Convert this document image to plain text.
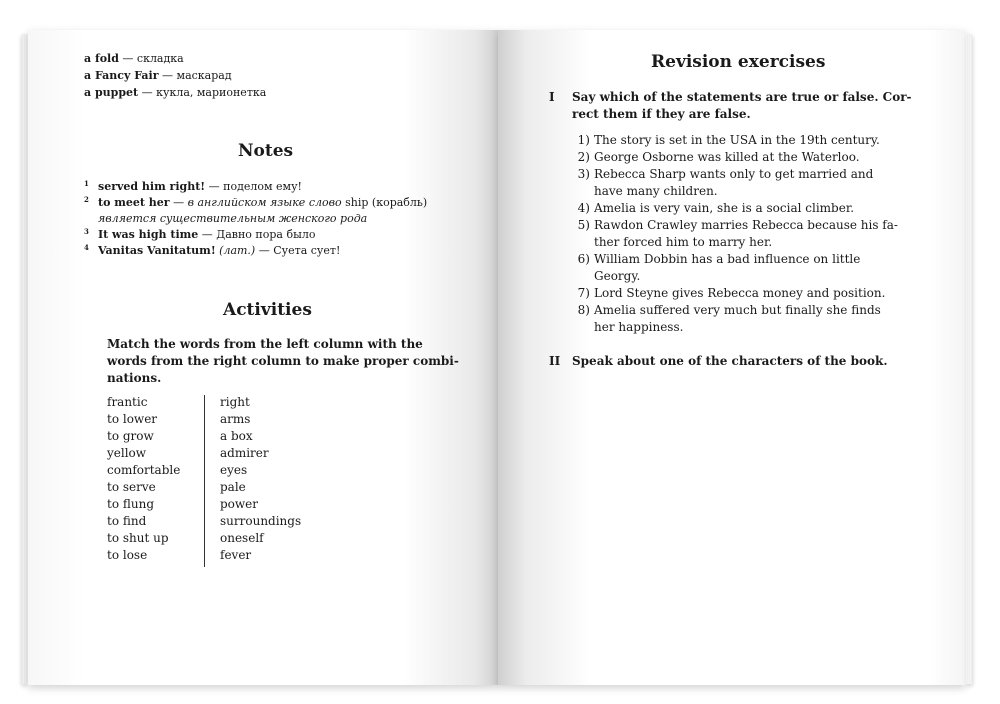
a fold — складка
a Fancy Fair — маскарад
a puppet — кукла, марионетка
Notes
1 served him right! — поделом ему!
2 to meet her — в английском языке слово ship (корабль)
является существительным женского рода
3 It was high time — Давно пора было
4 Vanitas Vanitatum! (лат.) — Суета сует!
Activities
Match the words from the left column with the
words from the right column to make proper combi-
nations.
frantic
to lower
to grow
yellow
comfortable
to serve
to flung
to find
to shut up
to lose
right
arms
a box
admirer
eyes
pale
power
surroundings
oneself
fever
Revision exercises
I Say which of the statements are true or false. Cor-
rect them if they are false.
1) The story is set in the USA in the 19th century.
2) George Osborne was killed at the Waterloo.
3) Rebecca Sharp wants only to get married and
have many children.
4) Amelia is very vain, she is a social climber.
5) Rawdon Crawley marries Rebecca because his fa-
ther forced him to marry her.
6) William Dobbin has a bad influence on little
Georgy.
7) Lord Steyne gives Rebecca money and position.
8) Amelia suffered very much but finally she finds
her happiness.
II Speak about one of the characters of the book.
